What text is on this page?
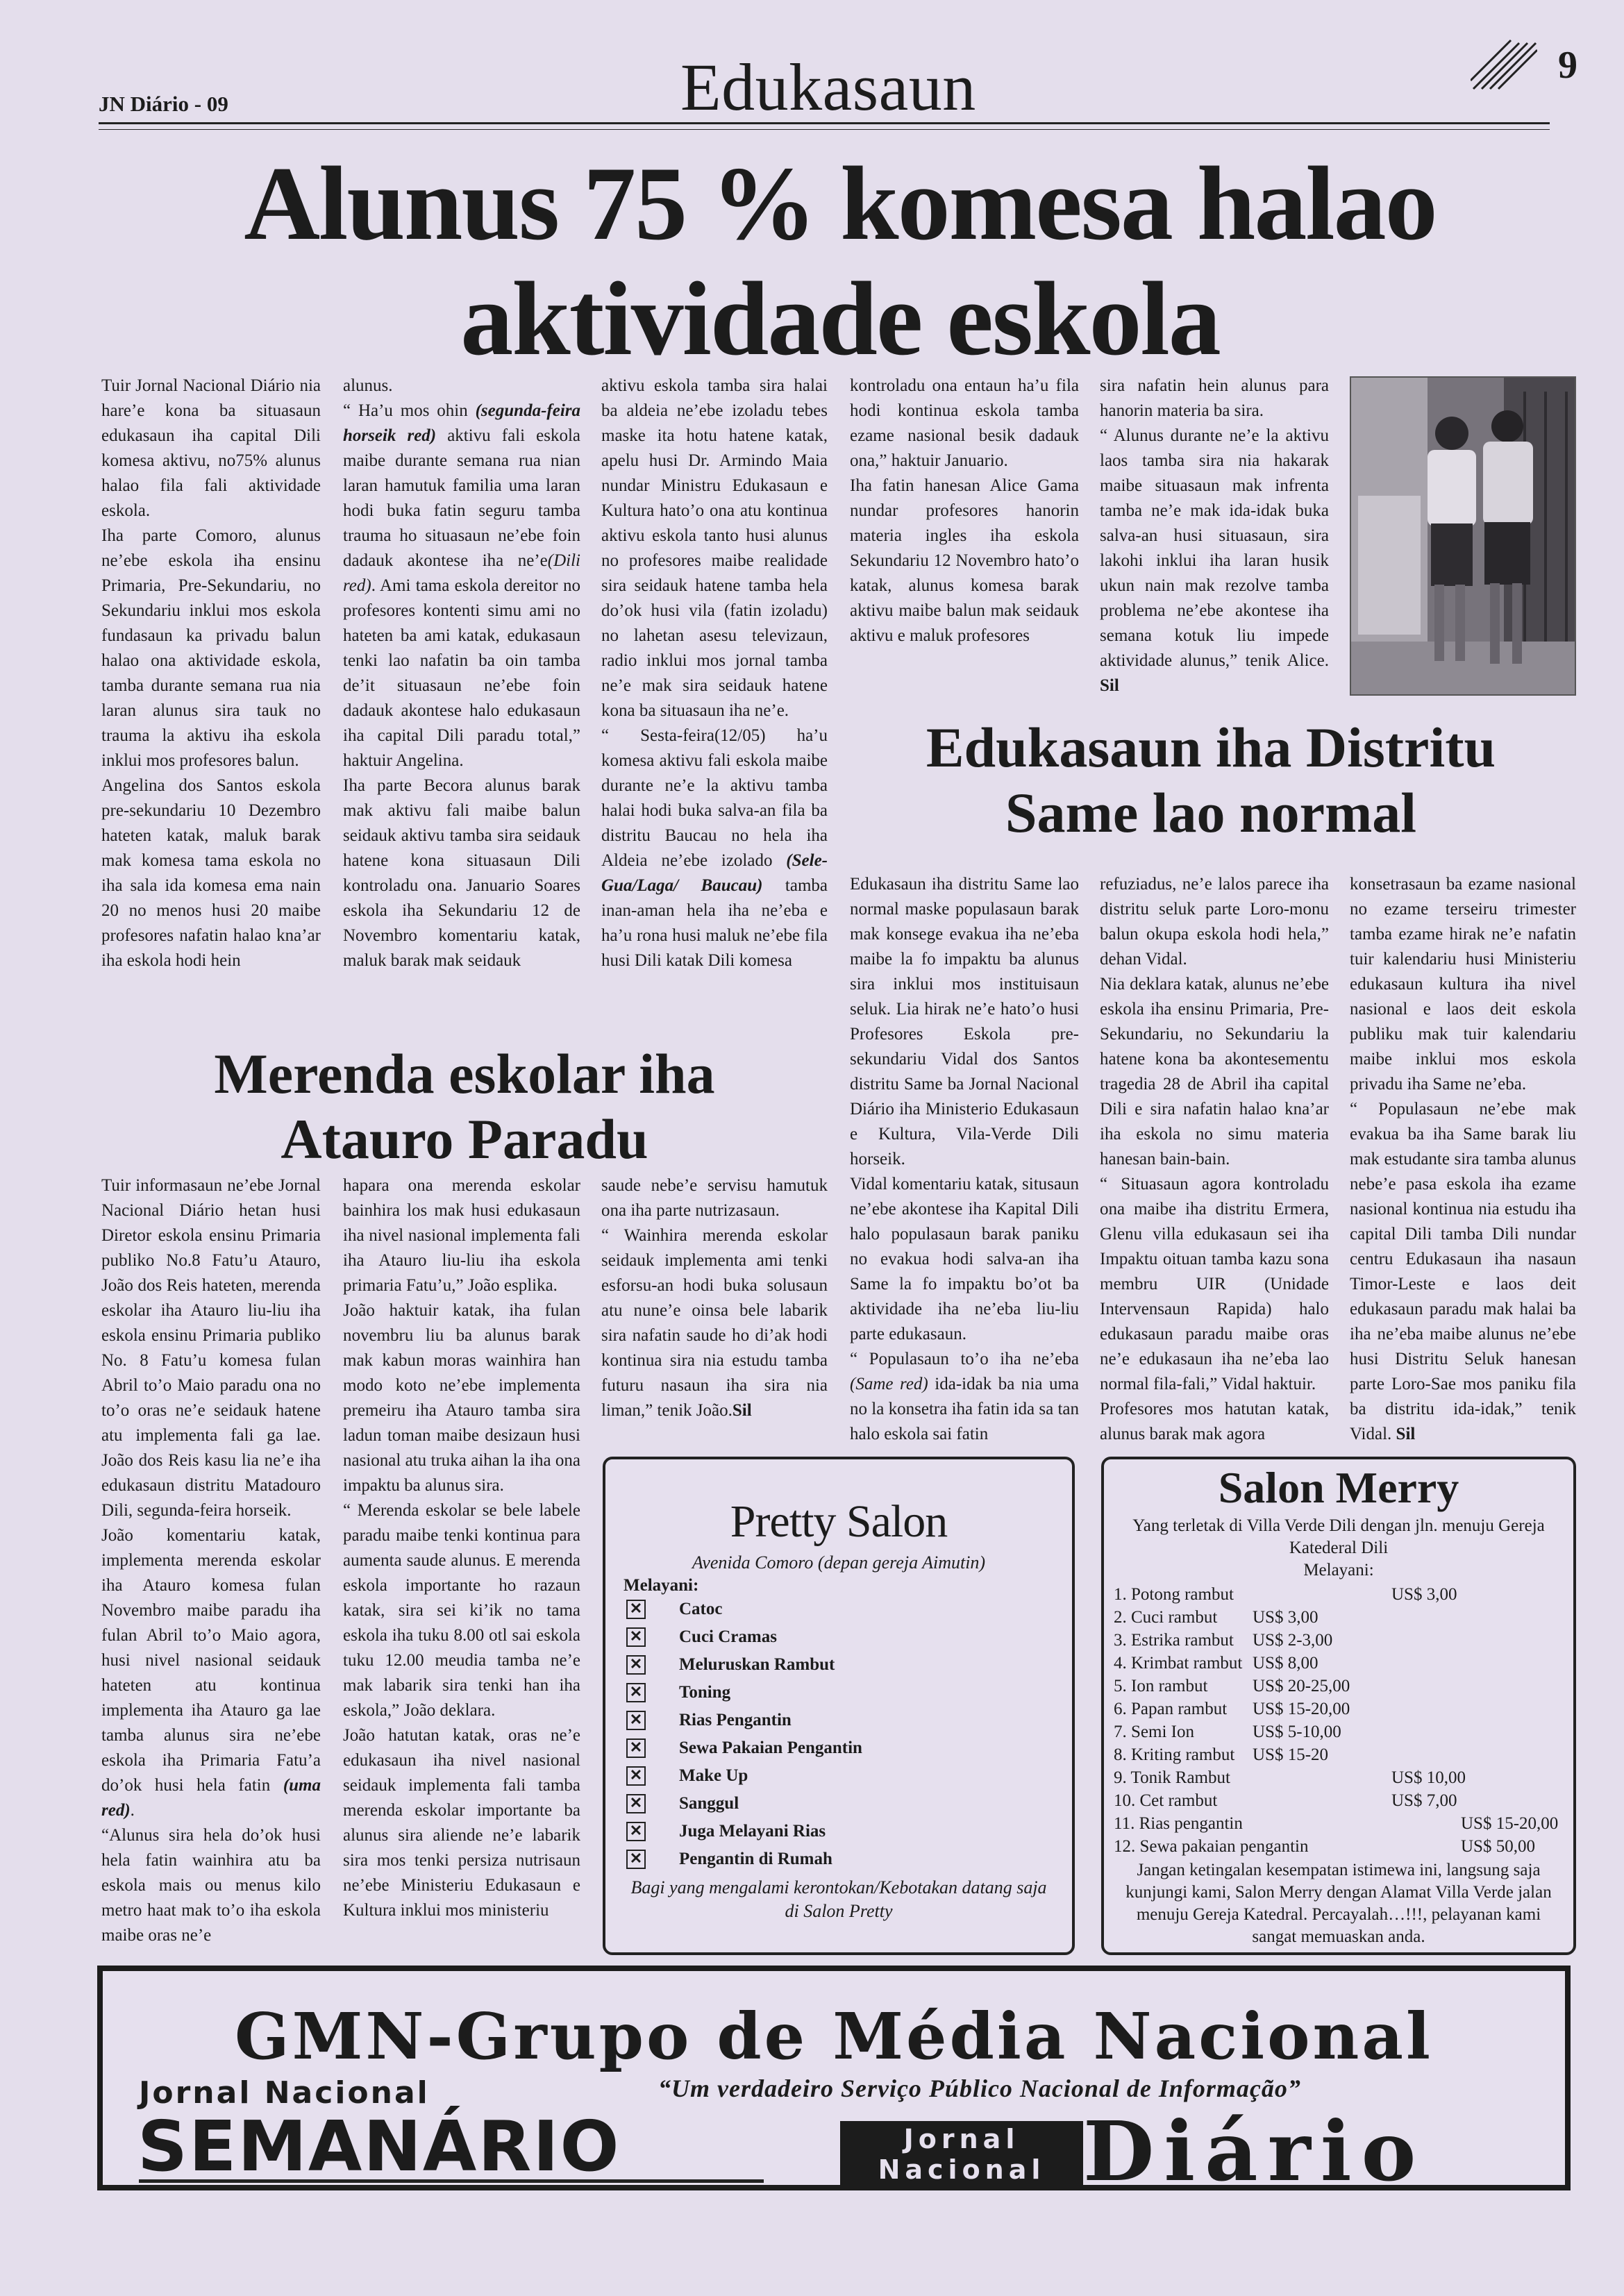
JN Diário - 09	Edukasaun	9
Alunus 75 % komesa halao
aktividade eskola

Tuir Jornal Nacional Diário nia hare’e kona ba situasaun edukasaun iha capital Dili komesa aktivu, no75% alunus halao fila fali aktividade eskola.

Iha parte Comoro, alunus ne’ebe eskola iha ensinu Primaria, Pre-Sekundariu, no Sekundariu inklui mos eskola fundasaun ka privadu balun halao ona aktividade eskola, tamba durante semana rua nia laran alunus sira tauk no trauma la aktivu iha eskola inklui mos profesores balun.

Angelina dos Santos eskola pre-sekundariu 10 Dezembro hateten katak, maluk barak mak komesa tama eskola no iha sala ida komesa ema nain 20 no menos husi 20 maibe profesores nafatin halao kna’ar iha eskola hodi hein

alunus.

“ Ha’u mos ohin (segunda-feira horseik red) aktivu fali eskola maibe durante semana rua nian laran hamutuk familia uma laran hodi buka fatin seguru tamba trauma ho situasaun ne’ebe foin dadauk akontese iha ne’e(Dili red). Ami tama eskola dereitor no profesores kontenti simu ami no hateten ba ami katak, edukasaun tenki lao nafatin ba oin tamba de’it situasaun ne’ebe foin dadauk akontese halo edukasaun iha capital Dili paradu total,” haktuir Angelina.

Iha parte Becora alunus barak mak aktivu fali maibe balun seidauk aktivu tamba sira seidauk hatene kona situasaun Dili kontroladu ona. Januario Soares eskola iha Sekundariu 12 de Novembro komentariu katak, maluk barak mak seidauk

aktivu eskola tamba sira halai ba aldeia ne’ebe izoladu tebes maske ita hotu hatene katak, apelu husi Dr. Armindo Maia nundar Ministru Edukasaun e Kultura hato’o ona atu kontinua aktivu eskola tanto husi alunus no profesores maibe realidade sira seidauk hatene tamba hela do’ok husi vila (fatin izoladu) no lahetan asesu televizaun, radio inklui mos jornal tamba ne’e mak sira seidauk hatene kona ba situasaun iha ne’e.

“ Sesta-feira(12/05) ha’u komesa aktivu fali eskola maibe durante ne’e la aktivu tamba halai hodi buka salva-an fila ba distritu Baucau no hela iha Aldeia ne’ebe izolado (Sele-Gua/Laga/ Baucau) tamba inan-aman hela iha ne’eba e ha’u rona husi maluk ne’ebe fila husi Dili katak Dili komesa

kontroladu ona entaun ha’u fila hodi kontinua eskola tamba ezame nasional besik dadauk ona,” haktuir Januario.

Iha fatin hanesan Alice Gama nundar profesores hanorin materia ingles iha eskola Sekundariu 12 Novembro hato’o katak, alunus komesa barak aktivu maibe balun mak seidauk aktivu e maluk profesores

sira nafatin hein alunus para hanorin materia ba sira.

“ Alunus durante ne’e la aktivu laos tamba sira nia hakarak maibe situasaun mak infrenta tamba ne’e mak ida-idak buka salva-an husi situasaun, sira lakohi inklui iha laran husik ukun nain mak rezolve tamba problema ne’ebe akontese iha semana kotuk liu impede aktividade alunus,” tenik Alice. Sil

Edukasaun iha Distritu
Same lao normal

Edukasaun iha distritu Same lao normal maske populasaun barak mak konsege evakua iha ne’eba maibe la fo impaktu ba alunus sira inklui mos instituisaun seluk. Lia hirak ne’e hato’o husi Profesores Eskola pre-sekundariu Vidal dos Santos distritu Same ba Jornal Nacional Diário iha Ministerio Edukasaun e Kultura, Vila-Verde Dili horseik.

Vidal komentariu katak, situsaun ne’ebe akontese iha Kapital Dili halo populasaun barak paniku no evakua hodi salva-an iha Same la fo impaktu bo’ot ba aktividade iha ne’eba liu-liu parte edukasaun.

“ Populasaun to’o iha ne’eba (Same red) ida-idak ba nia uma no la konsetra iha fatin ida sa tan halo eskola sai fatin

refuziadus, ne’e lalos parece iha distritu seluk parte Loro-monu balun okupa eskola hodi hela,” dehan Vidal.

Nia deklara katak, alunus ne’ebe eskola iha ensinu Primaria, Pre-Sekundariu, no Sekundariu la hatene kona ba akontesementu tragedia 28 de Abril iha capital Dili e sira nafatin halao kna’ar iha eskola no simu materia hanesan bain-bain.

“ Situasaun agora kontroladu ona maibe iha distritu Ermera, Glenu villa edukasaun sei iha Impaktu oituan tamba kazu sona membru UIR (Unidade Intervensaun Rapida) halo edukasaun paradu maibe oras ne’e edukasaun iha ne’eba lao normal fila-fali,” Vidal haktuir.

Profesores mos hatutan katak, alunus barak mak agora

konsetrasaun ba ezame nasional no ezame terseiru trimester tamba ezame hirak ne’e nafatin tuir kalendariu husi Ministeriu edukasaun kultura iha nivel nasional e laos deit eskola publiku mak tuir kalendariu maibe inklui mos eskola privadu iha Same ne’eba.

“ Populasaun ne’ebe mak evakua ba iha Same barak liu mak estudante sira tamba alunus nebe’e pasa eskola iha ezame nasional kontinua nia estudu iha capital Dili tamba Dili nundar centru Edukasaun iha nasaun Timor-Leste e laos deit edukasaun paradu mak halai ba iha ne’eba maibe alunus ne’ebe husi Distritu Seluk hanesan parte Loro-Sae mos paniku fila ba distritu ida-idak,” tenik Vidal. Sil

Merenda eskolar iha
Atauro Paradu

Tuir informasaun ne’ebe Jornal Nacional Diário hetan husi Diretor eskola ensinu Primaria publiko No.8 Fatu’u Atauro, João dos Reis hateten, merenda eskolar iha Atauro liu-liu iha eskola ensinu Primaria publiko No. 8 Fatu’u komesa fulan Abril to’o Maio paradu ona no to’o oras ne’e seidauk hatene atu implementa fali ga lae. João dos Reis kasu lia ne’e iha edukasaun distritu Matadouro Dili, segunda-feira horseik.

João komentariu katak, implementa merenda eskolar iha Atauro komesa fulan Novembro maibe paradu iha fulan Abril to’o Maio agora, husi nivel nasional seidauk hateten atu kontinua implementa iha Atauro ga lae tamba alunus sira ne’ebe eskola iha Primaria Fatu’a do’ok husi hela fatin (uma red).

“Alunus sira hela do’ok husi hela fatin wainhira atu ba eskola mais ou menus kilo metro haat mak to’o iha eskola maibe oras ne’e

hapara ona merenda eskolar bainhira los mak husi edukasaun iha nivel nasional implementa fali iha Atauro liu-liu iha eskola primaria Fatu’u,” João esplika.

João haktuir katak, iha fulan novembru liu ba alunus barak mak kabun moras wainhira han modo koto ne’ebe implementa premeiru iha Atauro tamba sira ladun toman maibe desizaun husi nasional atu truka aihan la iha ona impaktu ba alunus sira.

“ Merenda eskolar se bele labele paradu maibe tenki kontinua para aumenta saude alunus. E merenda eskola importante ho razaun katak, sira sei ki’ik no tama eskola iha tuku 8.00 otl sai eskola tuku 12.00 meudia tamba ne’e mak labarik sira tenki han iha eskola,” João deklara.

João hatutan katak, oras ne’e edukasaun iha nivel nasional seidauk implementa fali tamba merenda eskolar importante ba alunus sira aliende ne’e labarik sira mos tenki persiza nutrisaun ne’ebe Ministeriu Edukasaun e Kultura inklui mos ministeriu

saude nebe’e servisu hamutuk ona iha parte nutrizasaun.

“ Wainhira merenda eskolar seidauk implementa ami tenki esforsu-an hodi buka solusaun atu nune’e oinsa bele labarik sira nafatin saude ho di’ak hodi kontinua sira nia estudu tamba futuru nasaun iha sira nia liman,” tenik João.Sil

Pretty Salon
Avenida Comoro (depan gereja Aimutin)
Melayani:
✕ Catoc
✕ Cuci Cramas
✕ Meluruskan Rambut
✕ Toning
✕ Rias Pengantin
✕ Sewa Pakaian Pengantin
✕ Make Up
✕ Sanggul
✕ Juga Melayani Rias
✕ Pengantin di Rumah
Bagi yang mengalami kerontokan/Kebotakan datang saja di Salon Pretty
Salon Merry
Yang terletak di Villa Verde Dili dengan jln. menuju Gereja Katederal Dili
Melayani:
1. Potong rambut	US$ 3,00
2. Cuci rambut US$ 3,00
3. Estrika rambut US$ 2-3,00
4. Krimbat rambut US$ 8,00
5. Ion rambut	US$ 20-25,00
6. Papan rambut US$ 15-20,00
7. Semi Ion	US$ 5-10,00
8. Kriting rambut US$ 15-20
9. Tonik Rambut	US$ 10,00
10. Cet rambut	US$ 7,00
11. Rias pengantin	US$ 15-20,00
12. Sewa pakaian pengantin	US$ 50,00
Jangan ketingalan kesempatan istimewa ini, langsung saja kunjungi kami, Salon Merry dengan Alamat Villa Verde jalan menuju Gereja Katedral. Percayalah…!!!, pelayanan kami sangat memuaskan anda.
GMN-Grupo de Média Nacional
Jornal Nacional	“Um verdadeiro Serviço Público Nacional de Informação”
SEMANÁRIO	Jornal
Nacional Diário
